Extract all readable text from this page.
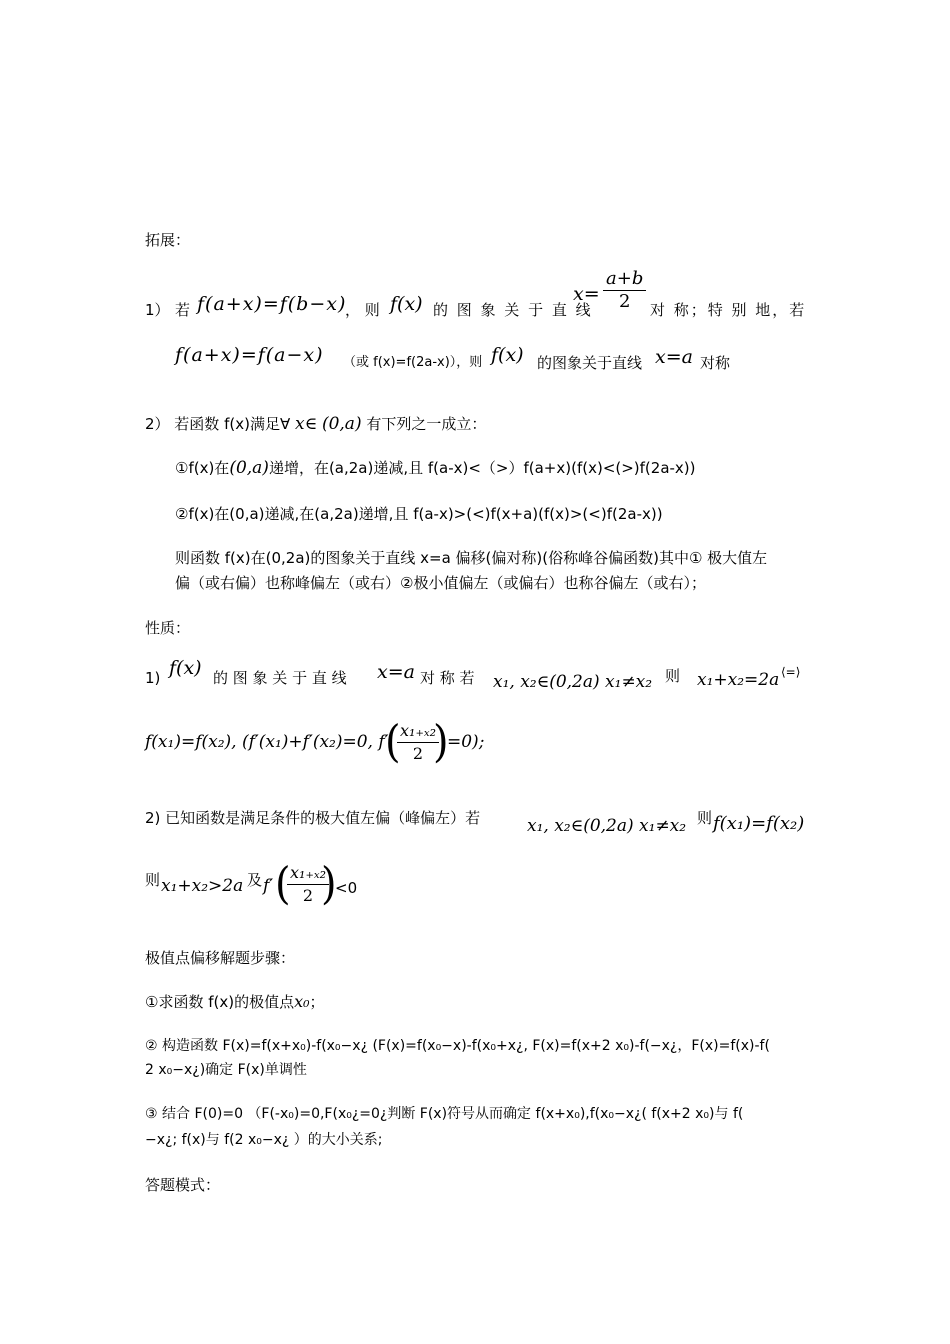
拓展：
1） 若 f(a+x)=f(b−x)
， 则 f(x) 的 图 象 关 于 直 线
$x= \frac{a+b}{2}$ 对 称；特 别 地，若
f(a+x)=f(a−x) （或 f(x)=f(2a-x)），则 f(x) 的图象关于直线 x=a 对称
2） 若函数 f(x)满足∀ x∈ (0,a) 有下列之一成立：
①f(x)在(0,a)递增，在(a,2a)递减,且 f(a-x)<（>）f(a+x)(f(x)<(>)f(2a-x))
②f(x)在(0,a)递减,在(a,2a)递增,且 f(a-x)>(<)f(x+a)(f(x)>(<)f(2a-x))
则函数 f(x)在(0,2a)的图象关于直线 x=a 偏移(偏对称)(俗称峰谷偏函数)其中① 极大值左
偏（或右偏）也称峰偏左（或右）②极小值偏左（或偏右）也称谷偏左（或右）；
性质：
1) f(x) 的 图 象 关 于 直 线 x=a 对 称 若 x₁, x₂∈(0,2a) x₁≠x₂ 则 x₁+x₂=2a ⟨=⟩
f(x₁)=f(x₂), (f′(x₁)+f′(x₂)=0, f′
(
$\frac{\text{x₁₊ₓ₂}}{2}$
)
=0);
2) 已知函数是满足条件的极大值左偏（峰偏左）若	x₁, x₂∈(0,2a) x₁≠x₂ 则 f(x₁)=f(x₂)
则 x₁+x₂>2a 及 f′ (
$\frac{\text{x₁₊ₓ₂}}{2}$
)
<0
极值点偏移解题步骤：
①求函数 f(x)的极值点x₀；
② 构造函数 F(x)=f(x+x₀)-f(x₀−x¿ (F(x)=f(x₀−x)-f(x₀+x¿, F(x)=f(x+2 x₀)-f(−x¿，F(x)=f(x)-f(
2 x₀−x¿)确定 F(x)单调性
③ 结合 F(0)=0 （F(-x₀)=0,F(x₀¿=0¿判断 F(x)符号从而确定 f(x+x₀),f(x₀−x¿( f(x+2 x₀)与 f(
−x¿; f(x)与 f(2 x₀−x¿ ）的大小关系;
答题模式：
